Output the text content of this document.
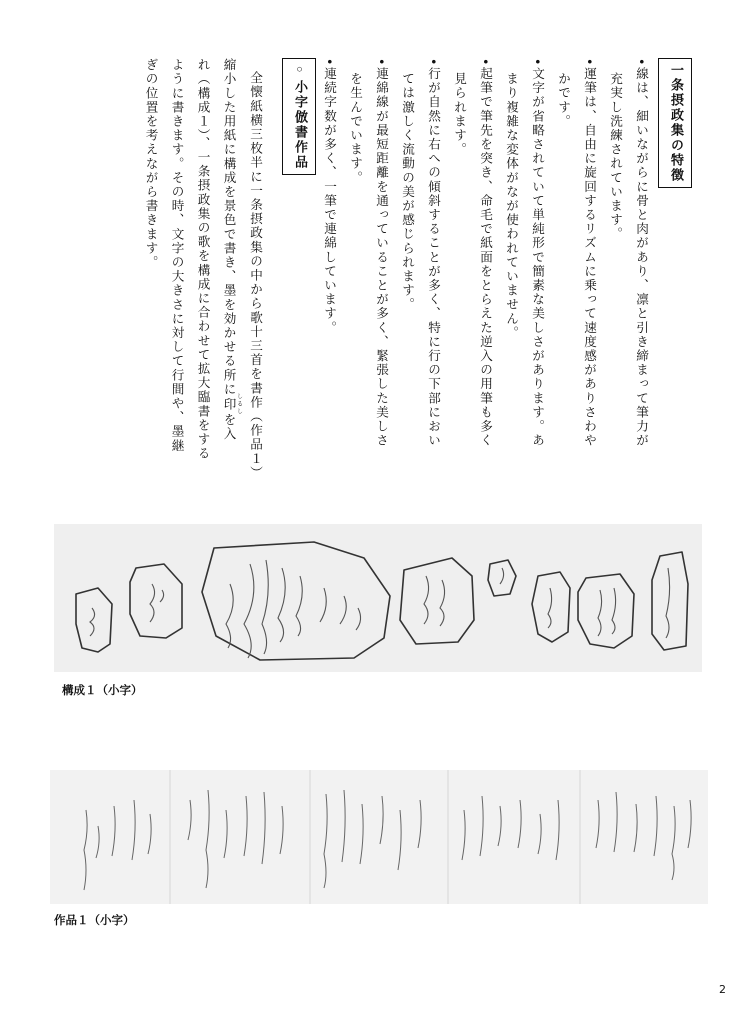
一条摂政集の特徴

•線は、細いながらに骨と肉があり、凛と引き締まって筆力が
充実し洗練されています。

•運筆は、自由に旋回するリズムに乗って速度感がありさわや
かです。

•文字が省略されていて単純形で簡素な美しさがあります。あ
まり複雑な変体がなが使われていません。

•起筆で筆先を突き、命毛で紙面をとらえた逆入の用筆も多く
見られます。

•行が自然に右への傾斜することが多く、特に行の下部におい
ては激しく流動の美が感じられます。

•連綿線が最短距離を通っていることが多く、緊張した美しさ
を生んでいます。

•連続字数が多く、一筆で連綿しています。

◦小字倣書作品

全懐紙横三枚半に一条摂政集の中から歌十三首を書作（作品１）

縮小した用紙に構成を景色で書き、墨を効かせる所に印 しるしを入

れ（構成１）、一条摂政集の歌を構成に合わせて拡大臨書をする

ように書きます。その時、文字の大きさに対して行間や、墨継

ぎの位置を考えながら書きます。

構成１（小字）
作品１（小字）
2
